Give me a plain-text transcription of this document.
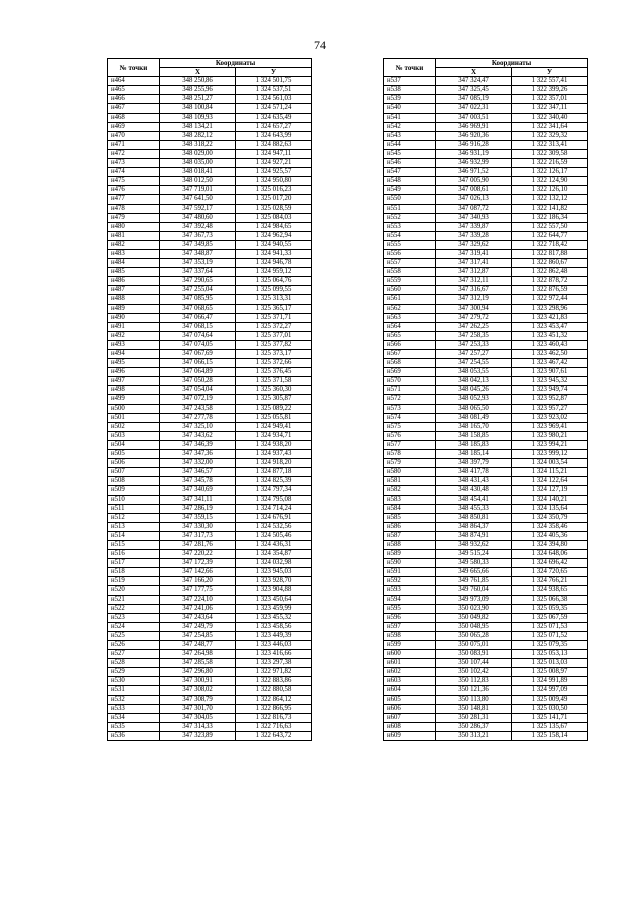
74
№ точки	Координаты	
	X	У
н464	348 250,86	1 324 501,75
н465	348 255,96	1 324 537,51
н466	348 251,27	1 324 561,03
н467	348 100,84	1 324 571,24
н468	348 109,93	1 324 635,49
н469	348 134,21	1 324 657,27
н470	348 282,12	1 324 643,99
н471	348 318,22	1 324 882,63
н472	348 029,00	1 324 947,11
н473	348 035,00	1 324 927,21
н474	348 018,41	1 324 925,57
н475	348 012,50	1 324 950,80
н476	347 719,01	1 325 016,23
н477	347 641,50	1 325 017,20
н478	347 592,17	1 325 028,59
н479	347 480,60	1 325 084,03
н480	347 392,48	1 324 984,65
н481	347 367,73	1 324 962,94
н482	347 349,85	1 324 940,55
н483	347 348,87	1 324 941,33
н484	347 353,19	1 324 946,78
н485	347 337,64	1 324 959,12
н486	347 290,65	1 325 064,76
н487	347 255,04	1 325 099,55
н488	347 085,95	1 325 313,31
н489	347 068,65	1 325 365,17
н490	347 066,47	1 325 371,71
н491	347 068,15	1 325 372,27
н492	347 074,64	1 325 377,01
н493	347 074,05	1 325 377,82
н494	347 067,69	1 325 373,17
н495	347 066,15	1 325 372,66
н496	347 064,89	1 325 376,45
н497	347 050,28	1 325 371,58
н498	347 054,04	1 325 360,30
н499	347 072,19	1 325 305,87
н500	347 243,58	1 325 089,22
н501	347 277,78	1 325 055,81
н502	347 325,10	1 324 949,41
н503	347 343,62	1 324 934,71
н504	347 346,39	1 324 938,20
н505	347 347,36	1 324 937,43
н506	347 332,00	1 324 918,20
н507	347 346,57	1 324 877,18
н508	347 345,78	1 324 825,39
н509	347 340,69	1 324 797,34
н510	347 341,11	1 324 795,08
н511	347 286,19	1 324 714,24
н512	347 359,15	1 324 676,91
н513	347 330,30	1 324 532,56
н514	347 317,73	1 324 505,46
н515	347 281,76	1 324 436,31
н516	347 220,22	1 324 354,87
н517	347 172,39	1 324 032,98
н518	347 142,66	1 323 945,03
н519	347 166,20	1 323 928,70
н520	347 177,75	1 323 904,88
н521	347 224,10	1 323 450,64
н522	347 241,06	1 323 459,99
н523	347 243,64	1 323 455,32
н524	347 249,79	1 323 458,56
н525	347 254,85	1 323 449,39
н526	347 248,77	1 323 446,03
н527	347 264,98	1 323 416,66
н528	347 285,58	1 323 297,38
н529	347 296,80	1 322 971,82
н530	347 300,91	1 322 883,86
н531	347 308,02	1 322 880,58
н532	347 308,79	1 322 864,12
н533	347 301,70	1 322 866,95
н534	347 304,05	1 322 816,73
н535	347 314,33	1 322 716,63
н536	347 323,89	1 322 643,72
№ точки	Координаты	
	X	У
н537	347 324,47	1 322 557,41
н538	347 325,45	1 322 399,26
н539	347 085,19	1 322 357,01
н540	347 022,31	1 322 347,11
н541	347 003,51	1 322 340,40
н542	346 969,91	1 322 341,64
н543	346 920,36	1 322 329,32
н544	346 916,28	1 322 313,41
н545	346 931,19	1 322 309,58
н546	346 932,99	1 322 216,59
н547	346 971,52	1 322 126,17
н548	347 005,90	1 322 124,90
н549	347 008,61	1 322 126,10
н550	347 026,13	1 322 132,12
н551	347 087,72	1 322 141,82
н552	347 340,93	1 322 186,34
н553	347 339,87	1 322 557,50
н554	347 339,28	1 322 644,77
н555	347 329,62	1 322 718,42
н556	347 319,41	1 322 817,88
н557	347 317,41	1 322 860,67
н558	347 312,87	1 322 862,48
н559	347 312,11	1 322 878,72
н560	347 316,67	1 322 876,59
н561	347 312,19	1 322 972,44
н562	347 300,94	1 323 298,96
н563	347 279,72	1 323 421,83
н564	347 262,25	1 323 453,47
н565	347 258,35	1 323 451,32
н566	347 253,33	1 323 460,43
н567	347 257,27	1 323 462,50
н568	347 254,55	1 323 467,42
н569	348 053,55	1 323 907,61
н570	348 042,13	1 323 945,32
н571	348 045,26	1 323 949,74
н572	348 052,93	1 323 952,87
н573	348 065,50	1 323 957,27
н574	348 081,49	1 323 923,02
н575	348 165,70	1 323 969,41
н576	348 158,85	1 323 980,21
н577	348 185,83	1 323 994,21
н578	348 185,14	1 323 999,12
н579	348 397,79	1 324 003,54
н580	348 417,78	1 324 115,21
н581	348 431,43	1 324 122,64
н582	348 430,48	1 324 127,19
н583	348 454,41	1 324 140,21
н584	348 455,33	1 324 135,64
н585	348 850,81	1 324 350,79
н586	348 864,37	1 324 358,46
н587	348 874,91	1 324 405,36
н588	348 932,62	1 324 394,80
н589	349 515,24	1 324 648,06
н590	349 580,33	1 324 696,42
н591	349 665,66	1 324 720,65
н592	349 761,85	1 324 766,21
н593	349 760,04	1 324 938,65
н594	349 973,09	1 325 066,38
н595	350 023,90	1 325 059,35
н596	350 049,82	1 325 067,59
н597	350 048,95	1 325 071,53
н598	350 065,28	1 325 071,52
н599	350 075,01	1 325 079,35
н600	350 083,91	1 325 053,13
н601	350 107,44	1 325 013,03
н602	350 102,42	1 325 008,97
н603	350 112,83	1 324 991,89
н604	350 121,36	1 324 997,09
н605	350 113,80	1 325 009,49
н606	350 148,81	1 325 030,50
н607	350 281,31	1 325 141,71
н608	350 286,37	1 325 135,67
н609	350 313,21	1 325 158,14
